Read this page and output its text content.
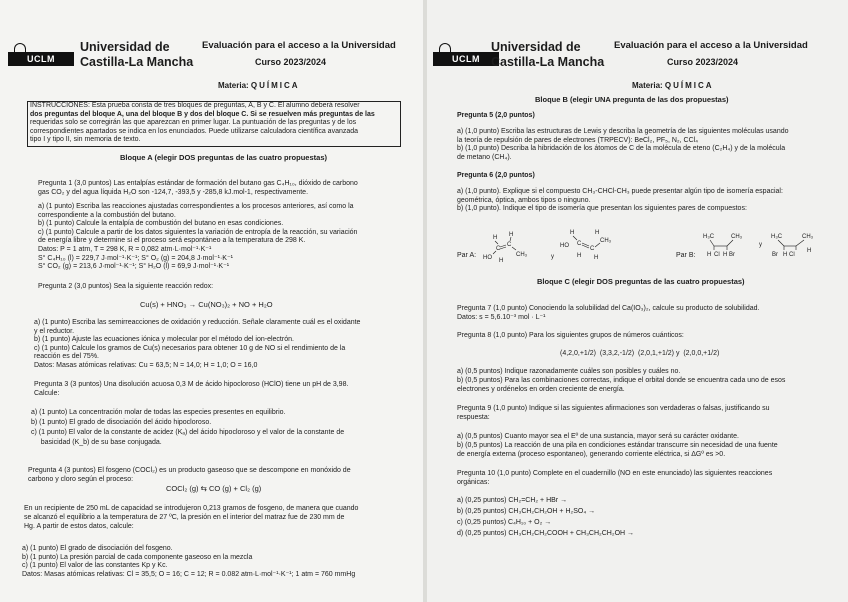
UCLM
Universidad de
Castilla-La Mancha
Evaluación para el acceso a la Universidad
Curso 2023/2024
Materia: QUÍMICA
INSTRUCCIONES: Esta prueba consta de tres bloques de preguntas, A, B y C. El alumno deberá resolver
dos preguntas del bloque A, una del bloque B y dos del bloque C. Si se resuelven más preguntas de las
requeridas solo se corregirán las que aparezcan en primer lugar. La puntuación de las preguntas y de los
correspondientes apartados se indica en los enunciados. Puede utilizarse calculadora científica avanzada
tipo I y tipo II, sin memoria de texto.
Bloque A (elegir DOS preguntas de las cuatro propuestas)
Pregunta 1 (3,0 puntos) Las entalpías estándar de formación del butano gas C₄H₁₀, dióxido de carbono
gas CO₂ y del agua líquida H₂O son -124,7, -393,5 y -285,8 kJ.mol-1, respectivamente.
a) (1 punto) Escriba las reacciones ajustadas correspondientes a los procesos anteriores, así como la
correspondiente a la combustión del butano.
b) (1 punto) Calcule la entalpía de combustión del butano en esas condiciones.
c) (1 punto) Calcule a partir de los datos siguientes la variación de entropía de la reacción, su variación
de energía libre y determine si el proceso será espontáneo a la temperatura de 298 K.
Datos: P = 1 atm, T = 298 K, R = 0,082 atm·L·mol⁻¹·K⁻¹
S° C₄H₁₀ (l) = 229,7 J·mol⁻¹·K⁻¹; S° O₂ (g) = 204,8 J·mol⁻¹·K⁻¹
S° CO₂ (g) = 213,6 J·mol⁻¹·K⁻¹; S° H₂O (l) = 69,9 J·mol⁻¹·K⁻¹
Pregunta 2 (3,0 puntos) Sea la siguiente reacción redox:
Cu(s) + HNO₃ → Cu(NO₃)₂ + NO + H₂O
a) (1 punto) Escriba las semirreacciones de oxidación y reducción. Señale claramente cuál es el oxidante
y el reductor.
b) (1 punto) Ajuste las ecuaciones iónica y molecular por el método del ion-electrón.
c) (1 punto) Calcule los gramos de Cu(s) necesarios para obtener 10 g de NO si el rendimiento de la
reacción es del 75%.
Datos: Masas atómicas relativas: Cu = 63,5; N = 14,0; H = 1,0; O = 16,0
Pregunta 3 (3 puntos) Una disolución acuosa 0,3 M de ácido hipocloroso (HClO) tiene un pH de 3,98.
Calcule:
a) (1 punto) La concentración molar de todas las especies presentes en equilibrio.
b) (1 punto) El grado de disociación del ácido hipocloroso.
c) (1 punto) El valor de la constante de acidez (Kₐ) del ácido hipocloroso y el valor de la constante de
basicidad (K_b) de su base conjugada.
Pregunta 4 (3 puntos) El fosgeno (COCl₂) es un producto gaseoso que se descompone en monóxido de
carbono y cloro según el proceso:
COCl₂ (g) ⇆ CO (g) + Cl₂ (g)
En un recipiente de 250 mL de capacidad se introdujeron 0,213 gramos de fosgeno, de manera que cuando
se alcanzó el equilibrio a la temperatura de 27 ºC, la presión en el interior del matraz fue de 230 mm de
Hg. A partir de estos datos, calcule:
a) (1 punto) El grado de disociación del fosgeno.
b) (1 punto) La presión parcial de cada componente gaseoso en la mezcla
c) (1 punto) El valor de las constantes Kp y Kc.
Datos: Masas atómicas relativas: Cl = 35,5; O = 16; C = 12; R = 0.082 atm·L·mol⁻¹·K⁻¹; 1 atm = 760 mmHg
UCLM
Universidad de
Castilla-La Mancha
Evaluación para el acceso a la Universidad
Curso 2023/2024
Materia: QUÍMICA
Bloque B (elegir UNA pregunta de las dos propuestas)
Pregunta 5 (2,0 puntos)
a) (1,0 punto) Escriba las estructuras de Lewis y describa la geometría de las siguientes moléculas usando
la teoría de repulsión de pares de electrones (TRPECV): BeCl₂, PF₅, N₂, CCl₄
b) (1,0 punto) Describa la hibridación de los átomos de C de la molécula de eteno (C₂H₄) y de la molécula
de metano (CH₄).
Pregunta 6 (2,0 puntos)
a) (1,0 punto). Explique si el compuesto CH₃-CHCl-CH₃ puede presentar algún tipo de isomería espacial:
geométrica, óptica, ambos tipos o ninguno.
b) (1,0 punto). Indique el tipo de isomería que presentan los siguientes pares de compuestos:
Par A:	Par B:
H
C
C
H
CH₃
HO H
y
H	H
HO C
C
CH₃
H H
H₃C	CH₃
H Cl H Br
y
H₃C	CH₃
Br H Cl
H
Bloque C (elegir DOS preguntas de las cuatro propuestas)
Pregunta 7 (1,0 punto) Conociendo la solubilidad del Ca(IO₃)₂, calcule su producto de solubilidad.
Datos: s = 5,6.10⁻³ mol · L⁻¹
Pregunta 8 (1,0 punto) Para los siguientes grupos de números cuánticos:
(4,2,0,+1/2)  (3,3,2,-1/2)  (2,0,1,+1/2) y  (2,0,0,+1/2)
a) (0,5 puntos) Indique razonadamente cuáles son posibles y cuáles no.
b) (0,5 puntos) Para las combinaciones correctas, indique el orbital donde se encuentra cada uno de esos
electrones y ordénelos en orden creciente de energía.
Pregunta 9 (1,0 punto) Indique si las siguientes afirmaciones son verdaderas o falsas, justificando su
respuesta:
a) (0,5 puntos) Cuanto mayor sea el Eº de una sustancia, mayor será su carácter oxidante.
b) (0,5 puntos) La reacción de una pila en condiciones estándar transcurre sin necesidad de una fuente
de energía externa (proceso espontaneo), generando corriente eléctrica, si ΔGº es >0.
Pregunta 10 (1,0 punto) Complete en el cuadernillo (NO en este enunciado) las siguientes reacciones
orgánicas:
a) (0,25 puntos) CH₂=CH₂ + HBr →
b) (0,25 puntos) CH₃CH₂CH₂OH + H₂SO₄ →
c) (0,25 puntos) C₄H₁₀ + O₂ →
d) (0,25 puntos) CH₃CH₂CH₂COOH + CH₃CH₂CH₂OH →
